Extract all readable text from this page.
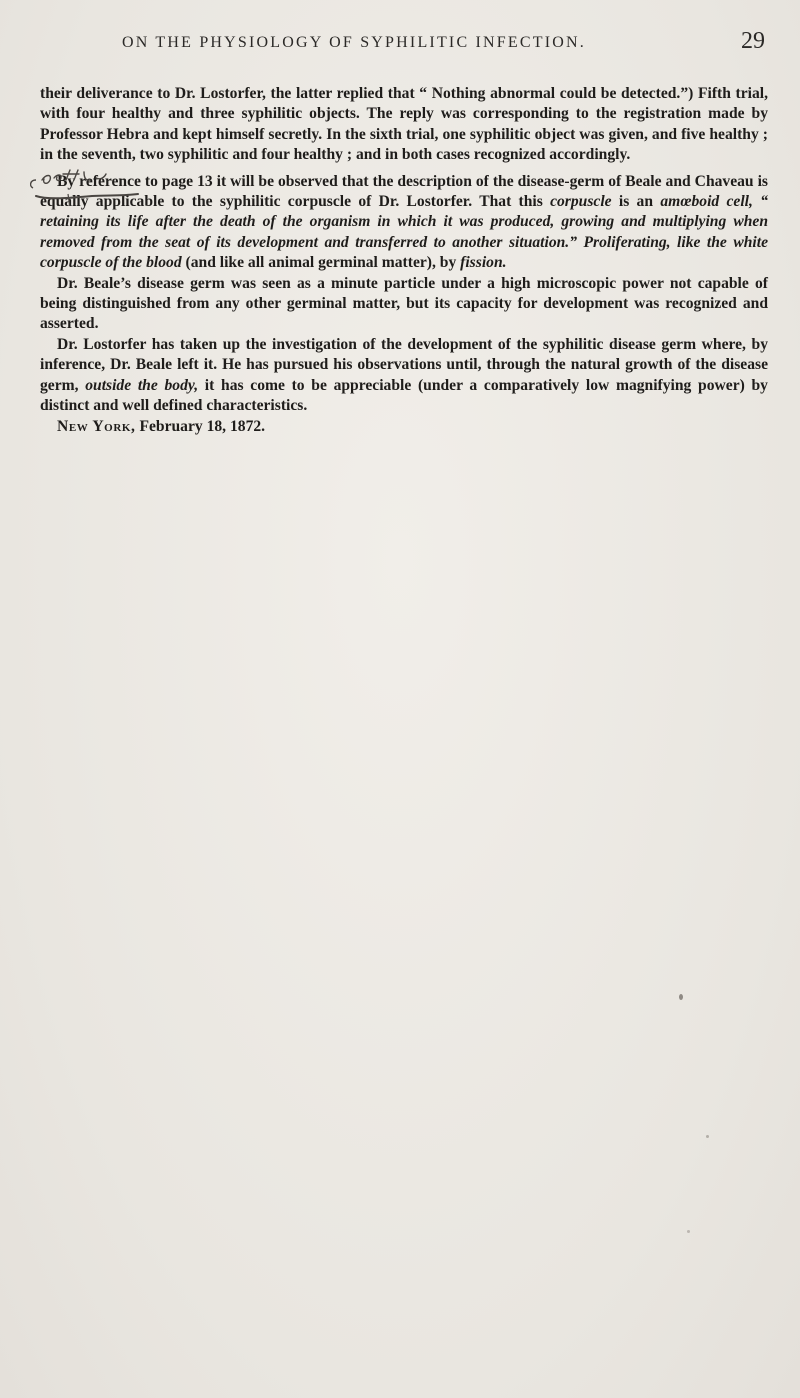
ON THE PHYSIOLOGY OF SYPHILITIC INFECTION.	29

their deliverance to Dr. Lostorfer, the latter replied that “ Nothing abnormal could be detected.”) Fifth trial, with four healthy and three syphilitic objects. The reply was corresponding to the registration made by Professor Hebra and kept himself secretly. In the sixth trial, one syphilitic object was given, and five healthy ; in the seventh, two syphilitic and four healthy ; and in both cases recognized accordingly.

By reference to page 13 it will be observed that the description of the disease-germ of Beale and Chaveau is equally applicable to the syphilitic corpuscle of Dr. Lostorfer. That this corpuscle is an amœboid cell, “ retaining its life after the death of the organism in which it was produced, growing and multiplying when removed from the seat of its development and transferred to another situation.” Proliferating, like the white corpuscle of the blood (and like all animal germinal matter), by fission.

Dr. Beale’s disease germ was seen as a minute particle under a high microscopic power not capable of being distinguished from any other germinal matter, but its capacity for development was recognized and asserted.

Dr. Lostorfer has taken up the investigation of the development of the syphilitic disease germ where, by inference, Dr. Beale left it. He has pursued his observations until, through the natural growth of the disease germ, outside the body, it has come to be appreciable (under a comparatively low magnifying power) by distinct and well defined characteristics.

New York, February 18, 1872.
